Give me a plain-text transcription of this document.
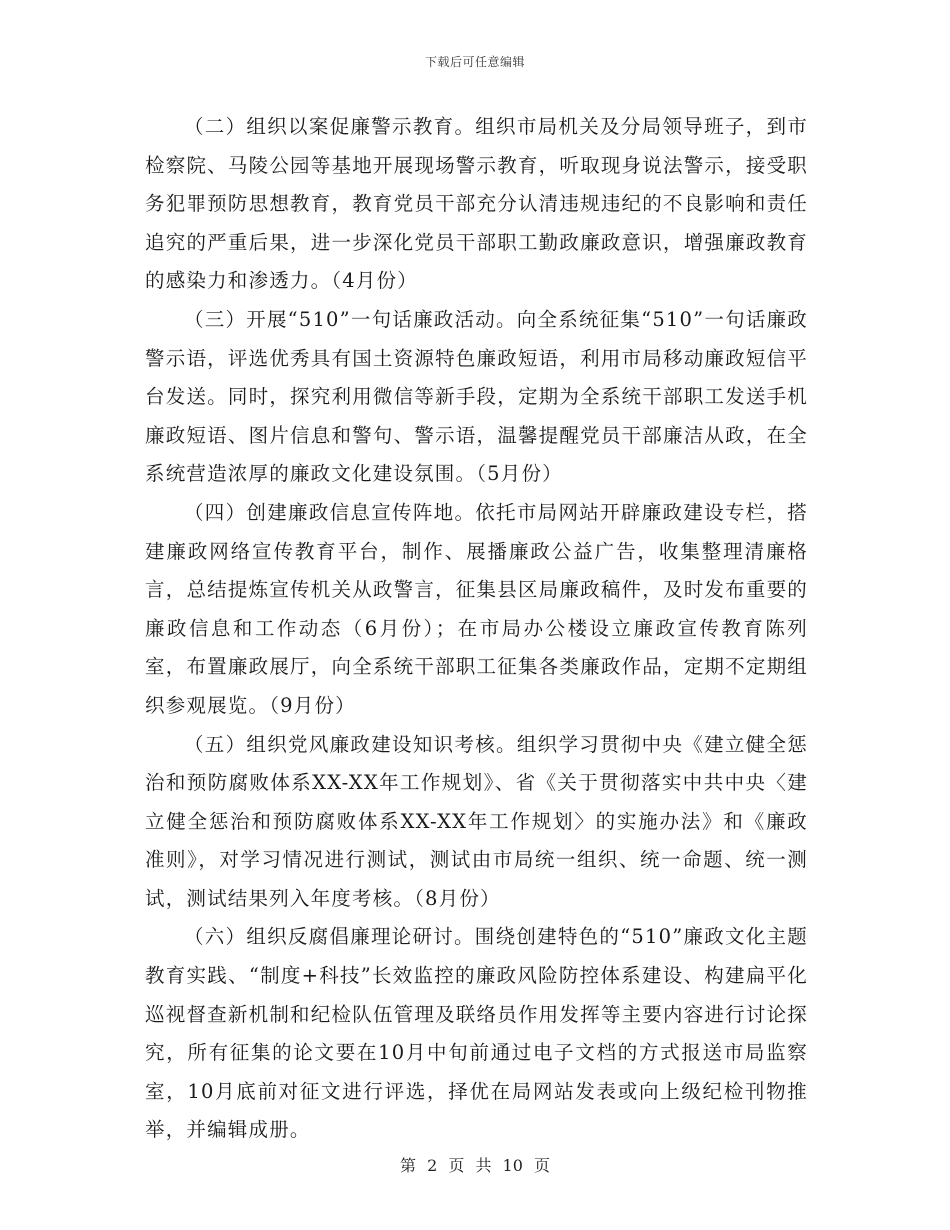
下载后可任意编辑

（二）组织以案促廉警示教育。组织市局机关及分局领导班子，到市检察院、马陵公园等基地开展现场警示教育，听取现身说法警示，接受职务犯罪预防思想教育，教育党员干部充分认清违规违纪的不良影响和责任追究的严重后果，进一步深化党员干部职工勤政廉政意识，增强廉政教育的感染力和渗透力。（4月份）

（三）开展“510”一句话廉政活动。向全系统征集“510”一句话廉政警示语，评选优秀具有国土资源特色廉政短语，利用市局移动廉政短信平台发送。同时，探究利用微信等新手段，定期为全系统干部职工发送手机廉政短语、图片信息和警句、警示语，温馨提醒党员干部廉洁从政，在全系统营造浓厚的廉政文化建设氛围。（5月份）

（四）创建廉政信息宣传阵地。依托市局网站开辟廉政建设专栏，搭建廉政网络宣传教育平台，制作、展播廉政公益广告，收集整理清廉格言，总结提炼宣传机关从政警言，征集县区局廉政稿件，及时发布重要的廉政信息和工作动态（6月份）；在市局办公楼设立廉政宣传教育陈列室，布置廉政展厅，向全系统干部职工征集各类廉政作品，定期不定期组织参观展览。（9月份）

（五）组织党风廉政建设知识考核。组织学习贯彻中央《建立健全惩治和预防腐败体系XX-XX年工作规划》、省《关于贯彻落实中共中央〈建立健全惩治和预防腐败体系XX-XX年工作规划〉的实施办法》和《廉政准则》，对学习情况进行测试，测试由市局统一组织、统一命题、统一测试，测试结果列入年度考核。（8月份）

（六）组织反腐倡廉理论研讨。围绕创建特色的“510”廉政文化主题教育实践、“制度+科技”长效监控的廉政风险防控体系建设、构建扁平化巡视督查新机制和纪检队伍管理及联络员作用发挥等主要内容进行讨论探究，所有征集的论文要在10月中旬前通过电子文档的方式报送市局监察室，10月底前对征文进行评选，择优在局网站发表或向上级纪检刊物推举，并编辑成册。

第 2 页 共 10 页
